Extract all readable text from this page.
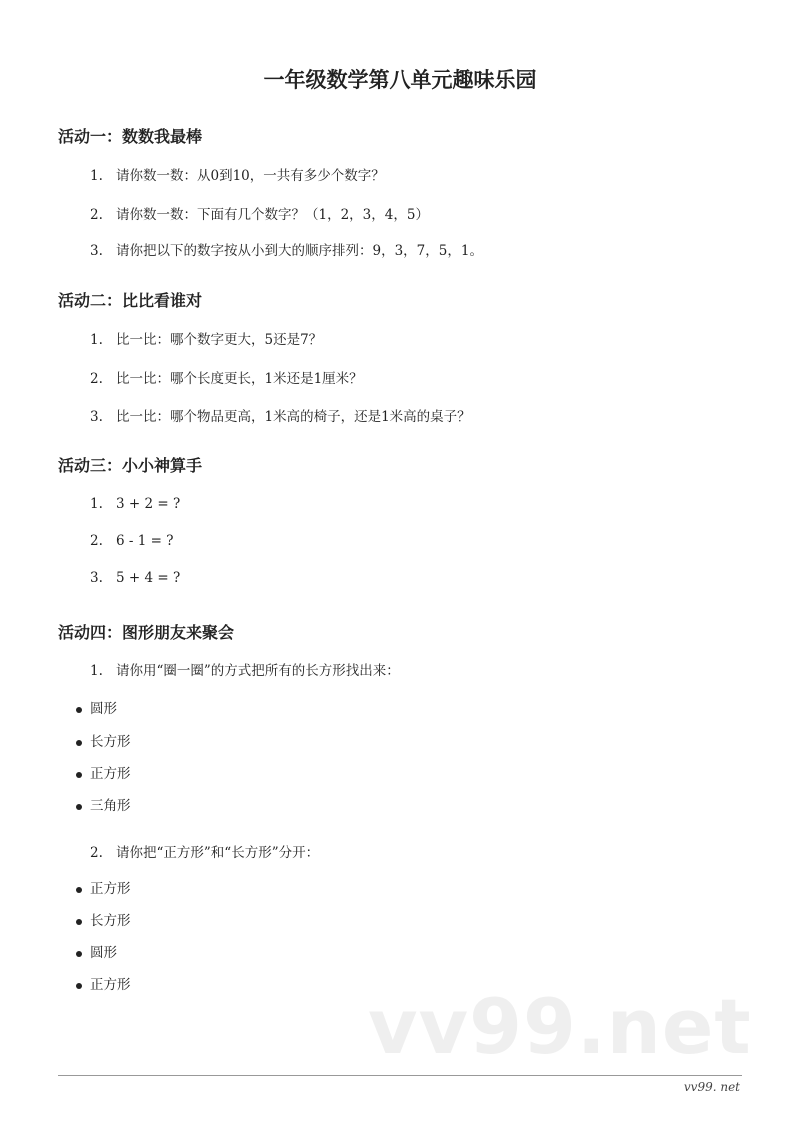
一年级数学第八单元趣味乐园
活动一：数数我最棒
1. 请你数一数：从0到10，一共有多少个数字？
2. 请你数一数：下面有几个数字？（1，2，3，4，5）
3. 请你把以下的数字按从小到大的顺序排列：9，3，7，5，1。
活动二：比比看谁对
1. 比一比：哪个数字更大，5还是7？
2. 比一比：哪个长度更长，1米还是1厘米？
3. 比一比：哪个物品更高，1米高的椅子，还是1米高的桌子？
活动三：小小神算手
1. 3 + 2 = ?
2. 6 - 1 = ?
3. 5 + 4 = ?
活动四：图形朋友来聚会
1. 请你用“圈一圈”的方式把所有的长方形找出来：
圆形
长方形
正方形
三角形
2. 请你把“正方形”和“长方形”分开：
正方形
长方形
圆形
正方形	vv99.net
vv99. net
